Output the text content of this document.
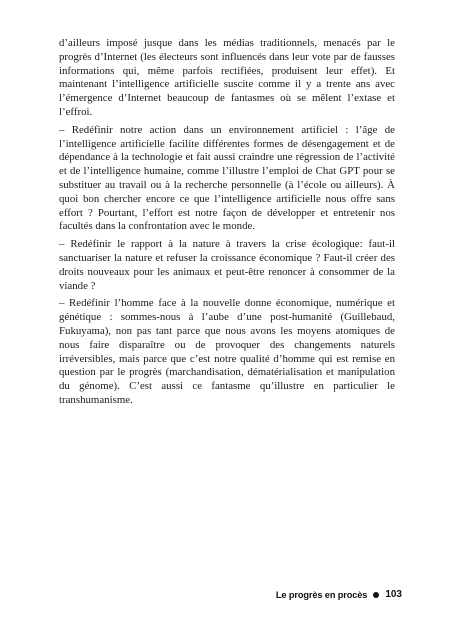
d’ailleurs imposé jusque dans les médias traditionnels, menacés par le progrès d’Internet (les électeurs sont influencés dans leur vote par de fausses informations qui, même parfois rectifiées, produisent leur effet). Et maintenant l’intelligence artificielle suscite comme il y a trente ans avec l’émergence d’Internet beaucoup de fantasmes où se mêlent l’extase et l’effroi.

– Redéfinir notre action dans un environnement artificiel : l’âge de l’intelligence artificielle facilite différentes formes de désengagement et de dépendance à la technologie et fait aussi craindre une régression de l’activité et de l’intelligence humaine, comme l’illustre l’emploi de Chat GPT pour se substituer au travail ou à la recherche personnelle (à l’école ou ailleurs). À quoi bon chercher encore ce que l’intelligence artificielle nous offre sans effort ? Pourtant, l’effort est notre façon de développer et entretenir nos facultés dans la confrontation avec le monde.

– Redéfinir le rapport à la nature à travers la crise écologique: faut-il sanctuariser la nature et refuser la croissance économique ? Faut-il créer des droits nouveaux pour les animaux et peut-être renoncer à consommer de la viande ?

– Redéfinir l’homme face à la nouvelle donne économique, numérique et génétique : sommes-nous à l’aube d’une post-humanité (Guillebaud, Fukuyama), non pas tant parce que nous avons les moyens atomiques de nous faire disparaître ou de provoquer des changements naturels irréversibles, mais parce que c’est notre qualité d’homme qui est remise en question par le progrès (marchandisation, dématérialisation et manipulation du génome). C’est aussi ce fantasme qu’illustre en particulier le transhumanisme.

Le progrès en procès 103
